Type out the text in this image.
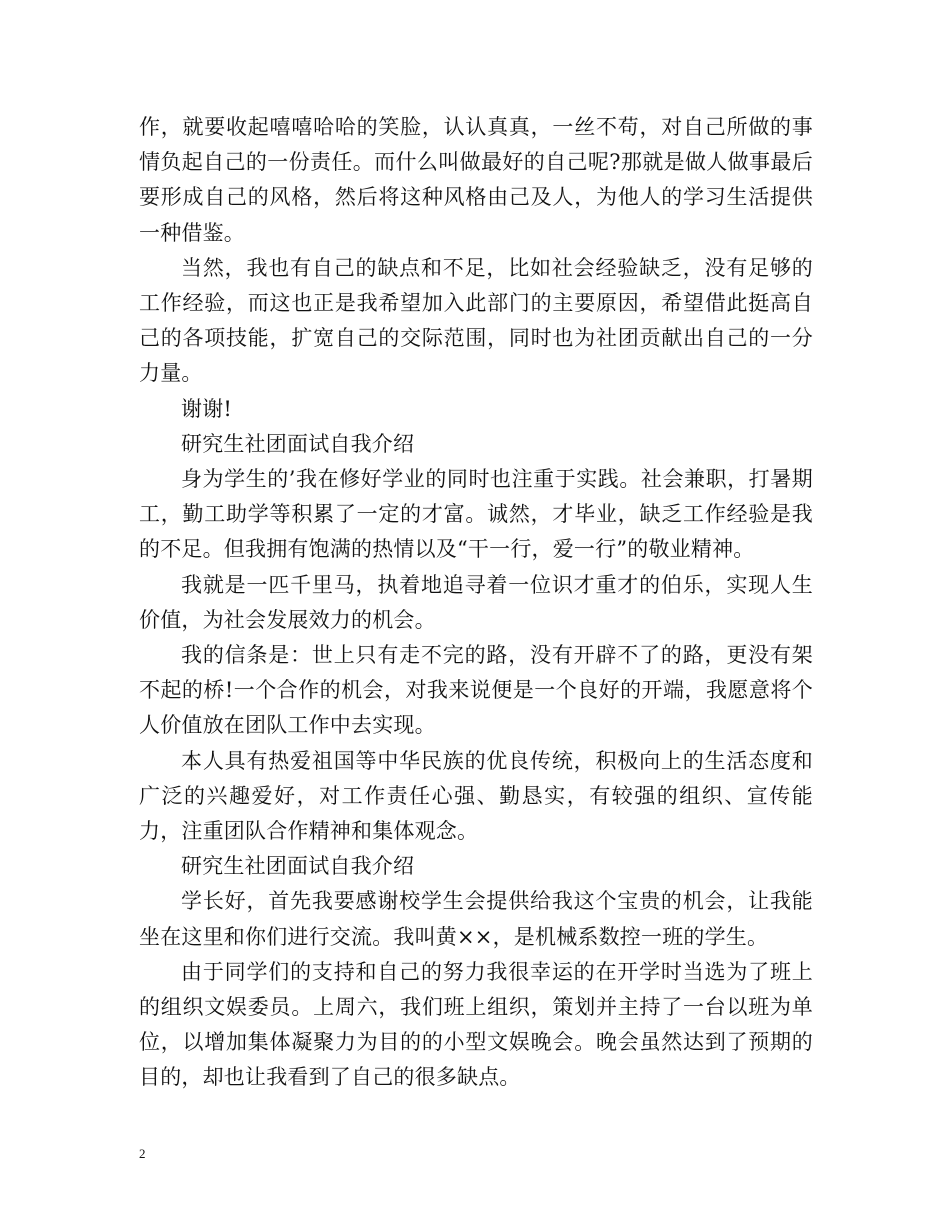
作，就要收起嘻嘻哈哈的笑脸，认认真真，一丝不苟，对自己所做的事情负起自己的一份责任。而什么叫做最好的自己呢?那就是做人做事最后要形成自己的风格，然后将这种风格由己及人，为他人的学习生活提供一种借鉴。

当然，我也有自己的缺点和不足，比如社会经验缺乏，没有足够的工作经验，而这也正是我希望加入此部门的主要原因，希望借此挺高自己的各项技能，扩宽自己的交际范围，同时也为社团贡献出自己的一分力量。

谢谢!

研究生社团面试自我介绍

身为学生的’我在修好学业的同时也注重于实践。社会兼职，打暑期工，勤工助学等积累了一定的才富。诚然，才毕业，缺乏工作经验是我的不足。但我拥有饱满的热情以及“干一行，爱一行”的敬业精神。

我就是一匹千里马，执着地追寻着一位识才重才的伯乐，实现人生价值，为社会发展效力的机会。

我的信条是：世上只有走不完的路，没有开辟不了的路，更没有架不起的桥!一个合作的机会，对我来说便是一个良好的开端，我愿意将个人价值放在团队工作中去实现。

本人具有热爱祖国等中华民族的优良传统，积极向上的生活态度和广泛的兴趣爱好，对工作责任心强、勤恳实，有较强的组织、宣传能力，注重团队合作精神和集体观念。

研究生社团面试自我介绍

学长好，首先我要感谢校学生会提供给我这个宝贵的机会，让我能坐在这里和你们进行交流。我叫黄××，是机械系数控一班的学生。

由于同学们的支持和自己的努力我很幸运的在开学时当选为了班上的组织文娱委员。上周六，我们班上组织，策划并主持了一台以班为单位，以增加集体凝聚力为目的的小型文娱晚会。晚会虽然达到了预期的目的，却也让我看到了自己的很多缺点。

2
